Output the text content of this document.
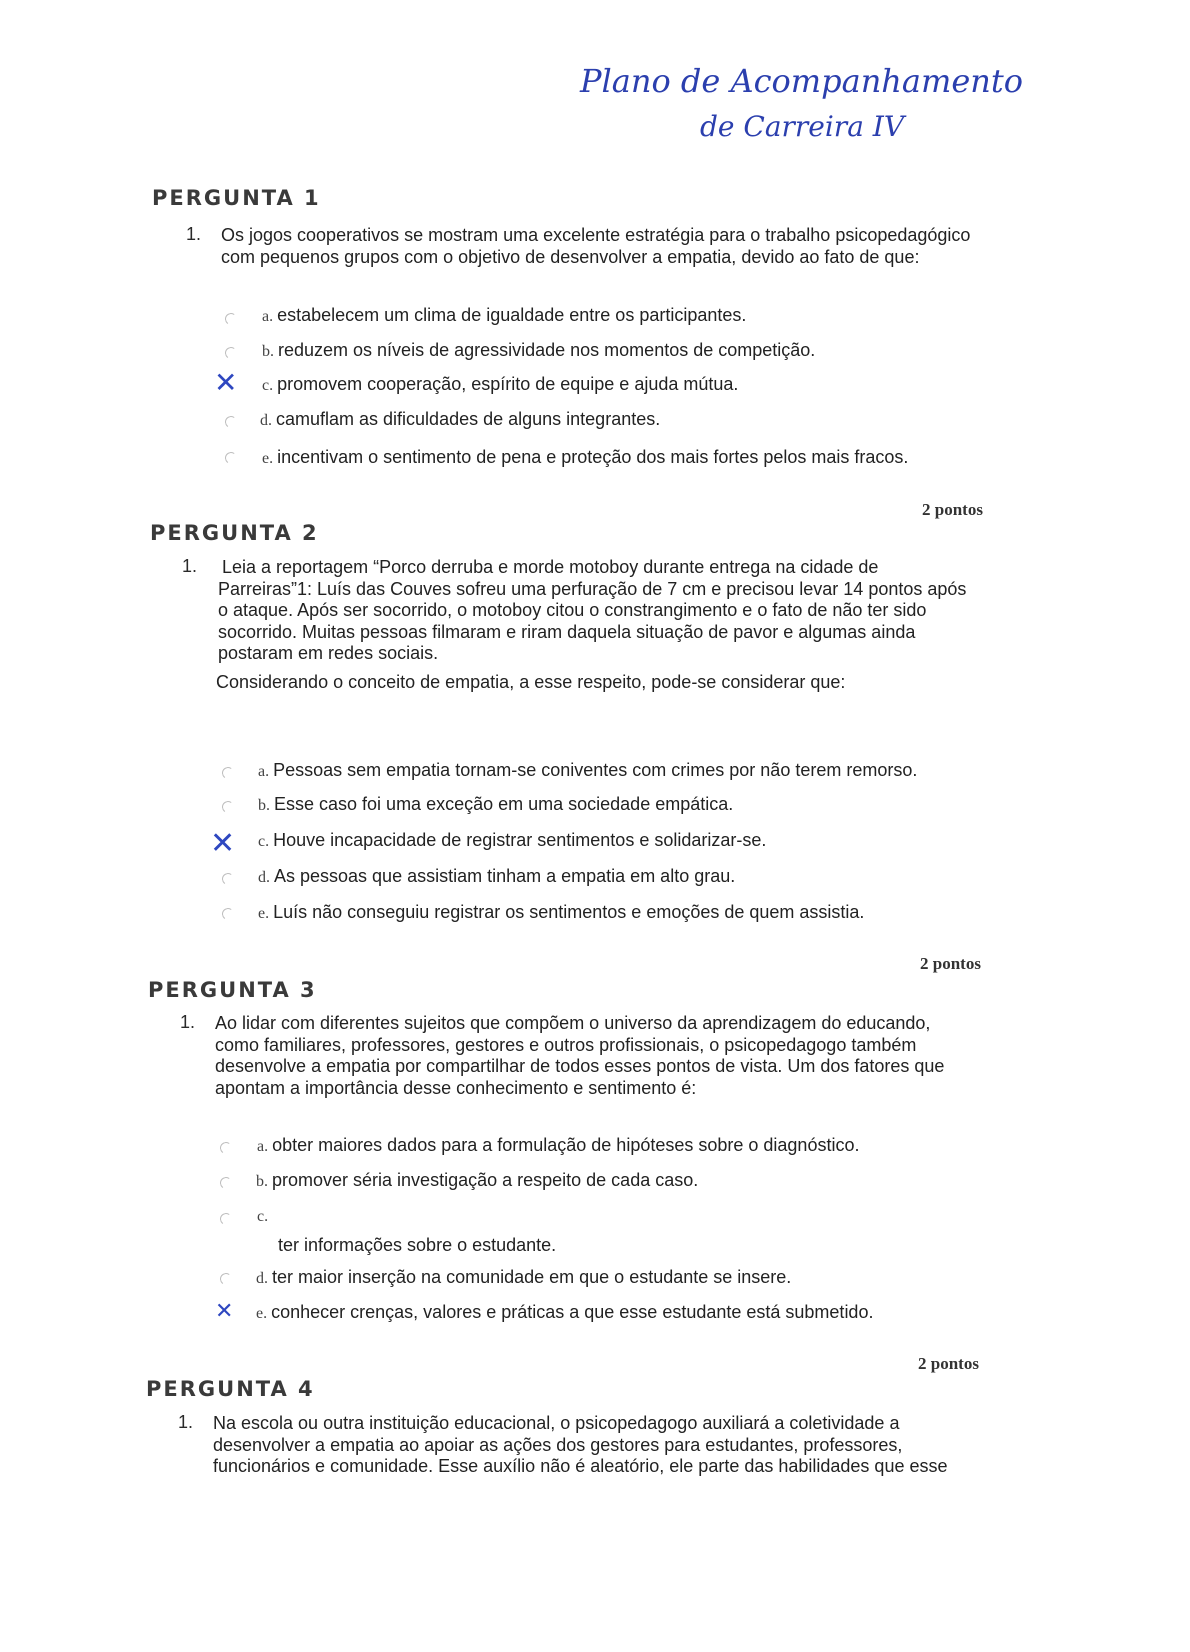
Plano de Acompanhamento
de Carreira IV
PERGUNTA 1
1. Os jogos cooperativos se mostram uma excelente estratégia para o trabalho psicopedagógico
com pequenos grupos com o objetivo de desenvolver a empatia, devido ao fato de que:
a. estabelecem um clima de igualdade entre os participantes.
b. reduzem os níveis de agressividade nos momentos de competição.
✕ c. promovem cooperação, espírito de equipe e ajuda mútua.
d. camuflam as dificuldades de alguns integrantes.
e. incentivam o sentimento de pena e proteção dos mais fortes pelos mais fracos.
2 pontos
PERGUNTA 2
1. Leia a reportagem “Porco derruba e morde motoboy durante entrega na cidade de
Parreiras”1: Luís das Couves sofreu uma perfuração de 7 cm e precisou levar 14 pontos após
o ataque. Após ser socorrido, o motoboy citou o constrangimento e o fato de não ter sido
socorrido. Muitas pessoas filmaram e riram daquela situação de pavor e algumas ainda
postaram em redes sociais.
Considerando o conceito de empatia, a esse respeito, pode-se considerar que:
a. Pessoas sem empatia tornam-se coniventes com crimes por não terem remorso.
b. Esse caso foi uma exceção em uma sociedade empática.
✕ c. Houve incapacidade de registrar sentimentos e solidarizar-se.
d. As pessoas que assistiam tinham a empatia em alto grau.
e. Luís não conseguiu registrar os sentimentos e emoções de quem assistia.
2 pontos
PERGUNTA 3
1. Ao lidar com diferentes sujeitos que compõem o universo da aprendizagem do educando,
como familiares, professores, gestores e outros profissionais, o psicopedagogo também
desenvolve a empatia por compartilhar de todos esses pontos de vista. Um dos fatores que
apontam a importância desse conhecimento e sentimento é:
a. obter maiores dados para a formulação de hipóteses sobre o diagnóstico.
b. promover séria investigação a respeito de cada caso.
c.
ter informações sobre o estudante.
d. ter maior inserção na comunidade em que o estudante se insere.
✕ e. conhecer crenças, valores e práticas a que esse estudante está submetido.
2 pontos
PERGUNTA 4
1. Na escola ou outra instituição educacional, o psicopedagogo auxiliará a coletividade a
desenvolver a empatia ao apoiar as ações dos gestores para estudantes, professores,
funcionários e comunidade. Esse auxílio não é aleatório, ele parte das habilidades que esse
